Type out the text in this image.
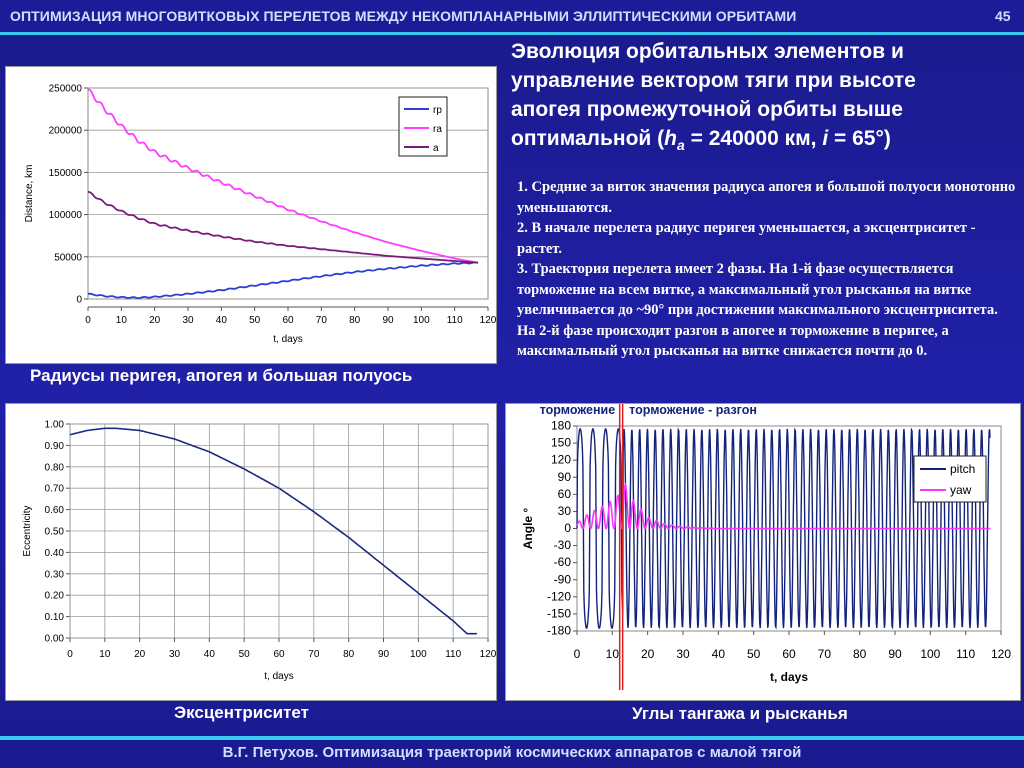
ОПТИМИЗАЦИЯ МНОГОВИТКОВЫХ ПЕРЕЛЕТОВ МЕЖДУ НЕКОМПЛАНАРНЫМИ ЭЛЛИПТИЧЕСКИМИ ОРБИТАМИ	45
Эволюция орбитальных элементов и
управление вектором тяги при высоте
апогея промежуточной орбиты выше
оптимальной ($h_a = 240000$ км, i = 65°)
1. Средние за виток значения радиуса апогея и большой полуоси монотонно уменьшаются.
2. В начале перелета радиус перигея уменьшается, а эксцентриситет - растет.
3. Траектория перелета имеет 2 фазы. На 1-й фазе осуществляется торможение на всем витке, а максимальный угол рысканья на витке увеличивается до ~90° при достижении максимального эксцентриситета. На 2-й фазе происходит разгон в апогее и торможение в перигее, а максимальный угол рысканья на витке снижается почти до 0.
0
50000
100000
150000
200000
250000
0 10 20 30 40 50 60 70 80 90 100 110 120
t, days
Distance, km
rp
ra
a
Радиусы перигея, апогея и большая полуось
0.00
0.10
0.20
0.30
0.40
0.50
0.60
0.70
0.80
0.90
1.00
0	10 20 30 40 50 60 70 80 90 100 110 120
t, days
Eccentricity
Эксцентриситет
-180
-150
-120
-90
-60
-30
0
30
60
90
120
150
180
0 10 20 30 40 50 60 70 80 90 100 110 120
t, days
Angle °
торможение торможение - разгон
pitch
yaw
Углы тангажа и рысканья
В.Г. Петухов. Оптимизация траекторий космических аппаратов с малой тягой
